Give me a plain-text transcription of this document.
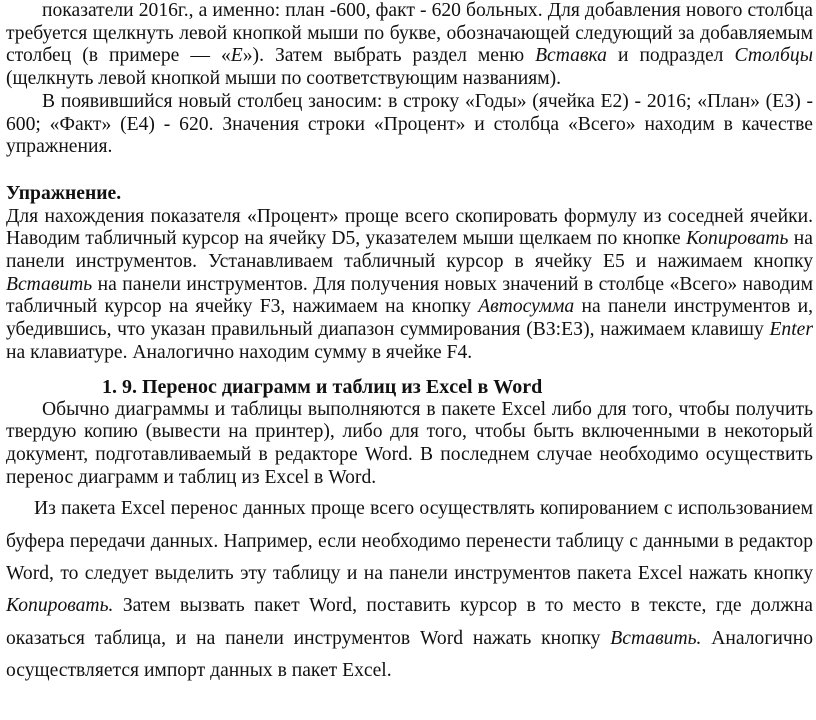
показатели 2016г., а именно: план -600, факт - 620 больных. Для добавления нового столбца требуется щелкнуть левой кнопкой мыши по букве, обозначающей следующий за добавляемым столбец (в примере — «Е»). Затем выбрать раздел меню Вставка и подраздел Столбцы (щелкнуть левой кнопкой мыши по соответствующим названиям).

В появившийся новый столбец заносим: в строку «Годы» (ячейка Е2) - 2016; «План» (ЕЗ) - 600; «Факт» (Е4) - 620. Значения строки «Процент» и столбца «Всего» находим в качестве упражнения.

Упражнение.

Для нахождения показателя «Процент» проще всего скопировать формулу из соседней ячейки. Наводим табличный курсор на ячейку D5, указателем мыши щелкаем по кнопке Копировать на панели инструментов. Устанавливаем табличный курсор в ячейку Е5 и нажимаем кнопку Вставить на панели инструментов. Для получения новых значений в столбце «Всего» наводим табличный курсор на ячейку F3, нажимаем на кнопку Автосумма на панели инструментов и, убедившись, что указан правильный диапазон суммирования (ВЗ:ЕЗ), нажимаем клавишу Enter на клавиатуре. Аналогично находим сумму в ячейке F4.

1. 9. Перенос диаграмм и таблиц из Excel в Word

Обычно диаграммы и таблицы выполняются в пакете Excel либо для того, чтобы получить твердую копию (вывести на принтер), либо для того, чтобы быть включенными в некоторый документ, подготавливаемый в редакторе Word. В последнем случае необходимо осуществить перенос диаграмм и таблиц из Excel в Word.

Из пакета Excel перенос данных проще всего осуществлять копированием с использованием буфера передачи данных. Например, если необходимо перенести таблицу с данными в редактор Word, то следует выделить эту таблицу и на панели инструментов пакета Excel нажать кнопку Копировать. Затем вызвать пакет Word, поставить курсор в то место в тексте, где должна оказаться таблица, и на панели инструментов Word нажать кнопку Вставить. Аналогично осуществляется импорт данных в пакет Excel.
